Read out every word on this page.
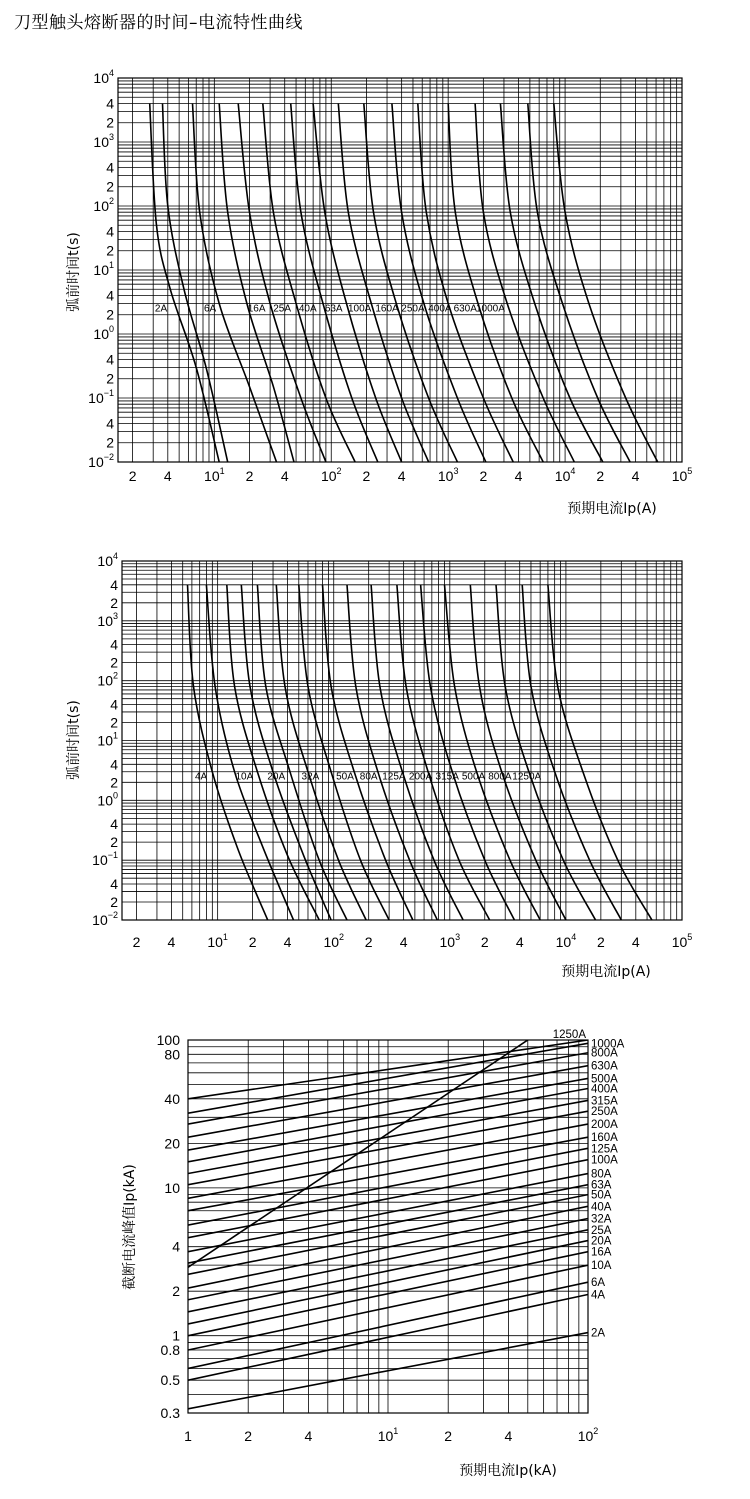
刀型触头熔断器的时间–电流特性曲线
2A	6A	16A 25A 40A 63A 100A 160A 250A 400A 630A 1000A
2 4 $10^1$ 2 4 $10^2$ 2 4 $10^3$ 2 4 $10^4$ 2 4 $10^5$
$10^4$
4
2
$10^3$
4
2
$10^2$
4
2
$10^1$
4
2
$10^0$
4
2
$10^{-1}$
4
2
$10^{-2}$
预期电流Ip(A)
弧前时间t(s)
4A	10A 20A 32A 50A 80A 125A 200A 315A 500A 800A 1250A
2 4 $10^1$ 2 4 $10^2$ 2 4 $10^3$ 2 4 $10^4$ 2 4 $10^5$
$10^4$
4
2
$10^3$
4
2
$10^2$
4
2
$10^1$
4
2
$10^0$
4
2
$10^{-1}$
4
2
$10^{-2}$
预期电流Ip(A)
弧前时间t(s)
1000A
800A
630A
500A
400A
315A
250A
200A
160A
125A
100A
80A
63A
50A
40A
32A
25A
20A
16A
10A
6A
4A
2A
1250A
1	2	4	$10^1$	2	4	$10^2$
100
80
40
20
10
4
2
1
0.8
0.5
0.3
预期电流Ip(kA)
截断电流峰值Ip(kA)
